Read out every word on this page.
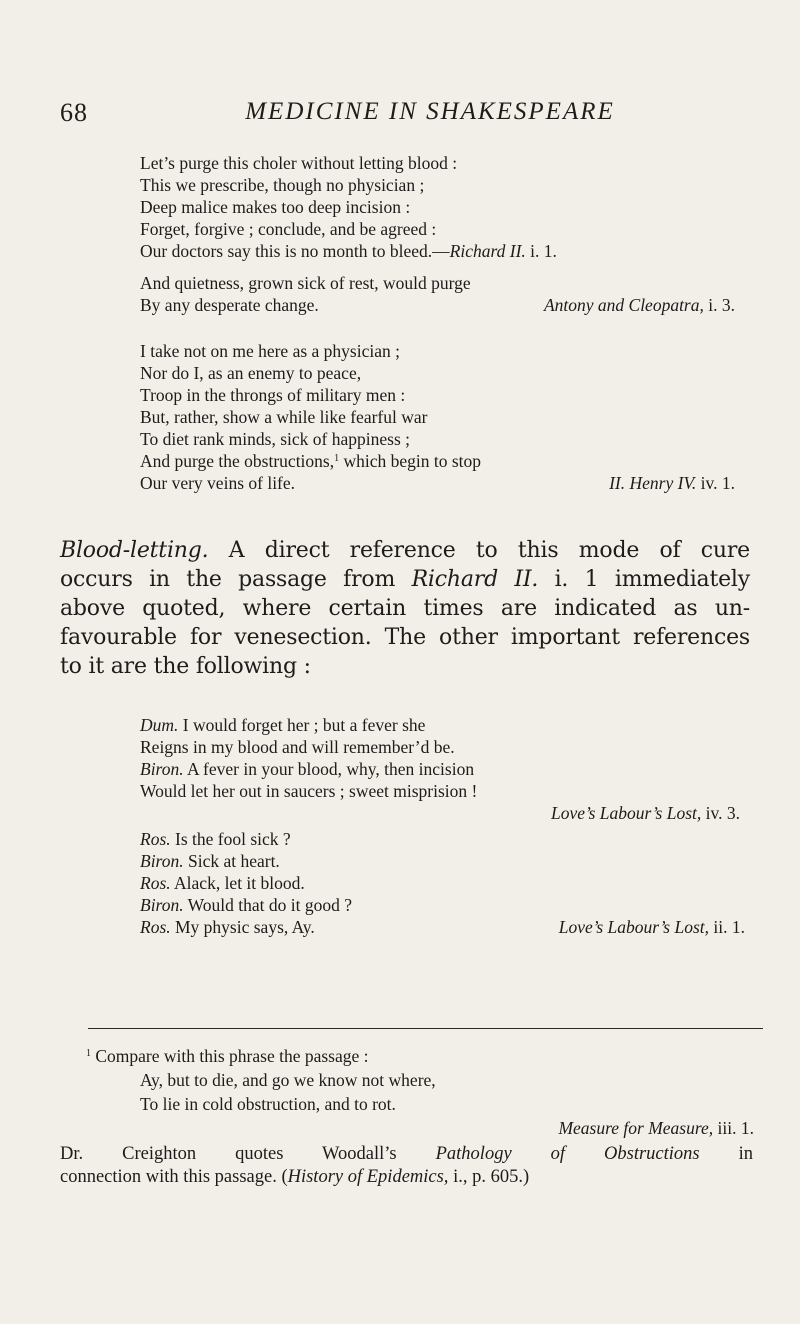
68	MEDICINE IN SHAKESPEARE
Let’s purge this choler without letting blood :
This we prescribe, though no physician ;
Deep malice makes too deep incision :
Forget, forgive ; conclude, and be agreed :
Our doctors say this is no month to bleed.—Richard II. i. 1.
And quietness, grown sick of rest, would purge
By any desperate change.	Antony and Cleopatra, i. 3.
I take not on me here as a physician ;
Nor do I, as an enemy to peace,
Troop in the throngs of military men :
But, rather, show a while like fearful war
To diet rank minds, sick of happiness ;
And purge the obstructions,$^1$ which begin to stop
Our very veins of life.	II. Henry IV. iv. 1.
Blood-letting. A direct reference to this mode of cure
occurs in the passage from Richard II. i. 1 immediately
above quoted, where certain times are indicated as un-
favourable for venesection. The other important references
to it are the following :
Dum. I would forget her ; but a fever she
Reigns in my blood and will remember’d be.
Biron. A fever in your blood, why, then incision
Would let her out in saucers ; sweet misprision !
Love’s Labour’s Lost, iv. 3.
Ros. Is the fool sick ?
Biron. Sick at heart.
Ros. Alack, let it blood.
Biron. Would that do it good ?
Ros. My physic says, Ay.	Love’s Labour’s Lost, ii. 1.
$^1$ Compare with this phrase the passage :
Ay, but to die, and go we know not where,
To lie in cold obstruction, and to rot.
Measure for Measure, iii. 1.
Dr. Creighton quotes Woodall’s Pathology of Obstructions in
connection with this passage. (History of Epidemics, i., p. 605.)
